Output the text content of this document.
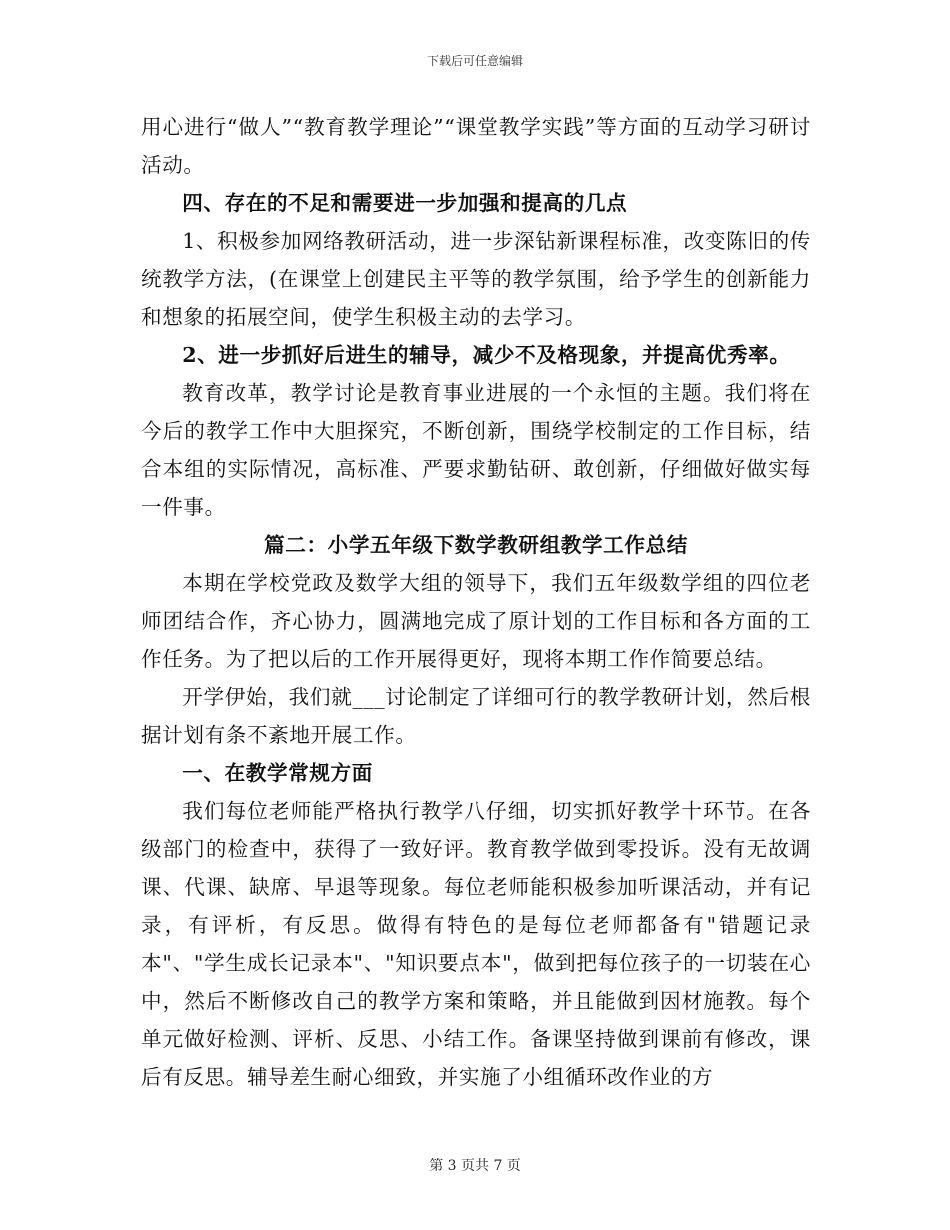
下载后可任意编辑

用心进行“做人”“教育教学理论”“课堂教学实践”等方面的互动学习研讨活动。

四、存在的不足和需要进一步加强和提高的几点

1、积极参加网络教研活动，进一步深钻新课程标准，改变陈旧的传统教学方法，(在课堂上创建民主平等的教学氛围，给予学生的创新能力和想象的拓展空间，使学生积极主动的去学习。

2、进一步抓好后进生的辅导，减少不及格现象，并提高优秀率。

教育改革，教学讨论是教育事业进展的一个永恒的主题。我们将在今后的教学工作中大胆探究，不断创新，围绕学校制定的工作目标，结合本组的实际情况，高标准、严要求勤钻研、敢创新，仔细做好做实每一件事。

篇二：小学五年级下数学教研组教学工作总结

本期在学校党政及数学大组的领导下，我们五年级数学组的四位老师团结合作，齐心协力，圆满地完成了原计划的工作目标和各方面的工作任务。为了把以后的工作开展得更好，现将本期工作作简要总结。

开学伊始，我们就___讨论制定了详细可行的教学教研计划，然后根据计划有条不紊地开展工作。

一、在教学常规方面

我们每位老师能严格执行教学八仔细，切实抓好教学十环节。在各级部门的检查中，获得了一致好评。教育教学做到零投诉。没有无故调课、代课、缺席、早退等现象。每位老师能积极参加听课活动，并有记录，有评析，有反思。做得有特色的是每位老师都备有"错题记录本"、"学生成长记录本"、"知识要点本"，做到把每位孩子的一切装在心中，然后不断修改自己的教学方案和策略，并且能做到因材施教。每个单元做好检测、评析、反思、小结工作。备课坚持做到课前有修改，课后有反思。辅导差生耐心细致，并实施了小组循环改作业的方

第 3 页共 7 页
